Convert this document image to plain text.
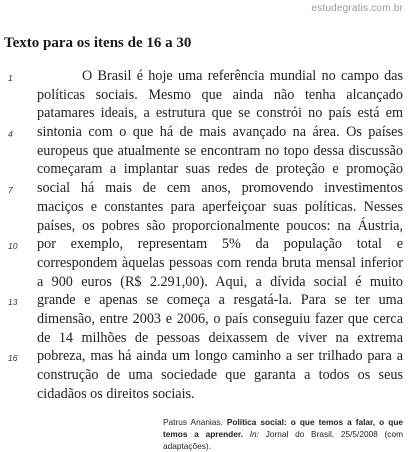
estudegratis.com.br
Texto para os itens de 16 a 30
1	O Brasil é hoje uma referência mundial no campo das
políticas sociais. Mesmo que ainda não tenha alcançado
patamares ideais, a estrutura que se constrói no país está em
4	sintonia com o que há de mais avançado na área. Os países
europeus que atualmente se encontram no topo dessa discussão
começaram a implantar suas redes de proteção e promoção
7	social há mais de cem anos, promovendo investimentos
maciços e constantes para aperfeiçoar suas políticas. Nesses
países, os pobres são proporcionalmente poucos: na Áustria,
10	por exemplo, representam 5% da população total e
correspondem àquelas pessoas com renda bruta mensal inferior
a 900 euros (R$ 2.291,00). Aqui, a dívida social é muito
13	grande e apenas se começa a resgatá-la. Para se ter uma
dimensão, entre 2003 e 2006, o país conseguiu fazer que cerca
de 14 milhões de pessoas deixassem de viver na extrema
16	pobreza, mas há ainda um longo caminho a ser trilhado para a
construção de uma sociedade que garanta a todos os seus
cidadãos os direitos sociais.
Patrus Ananias. Política social: o que temos a falar, o que temos a aprender. In: Jornal do Brasil, 25/5/2008 (com adaptações).
